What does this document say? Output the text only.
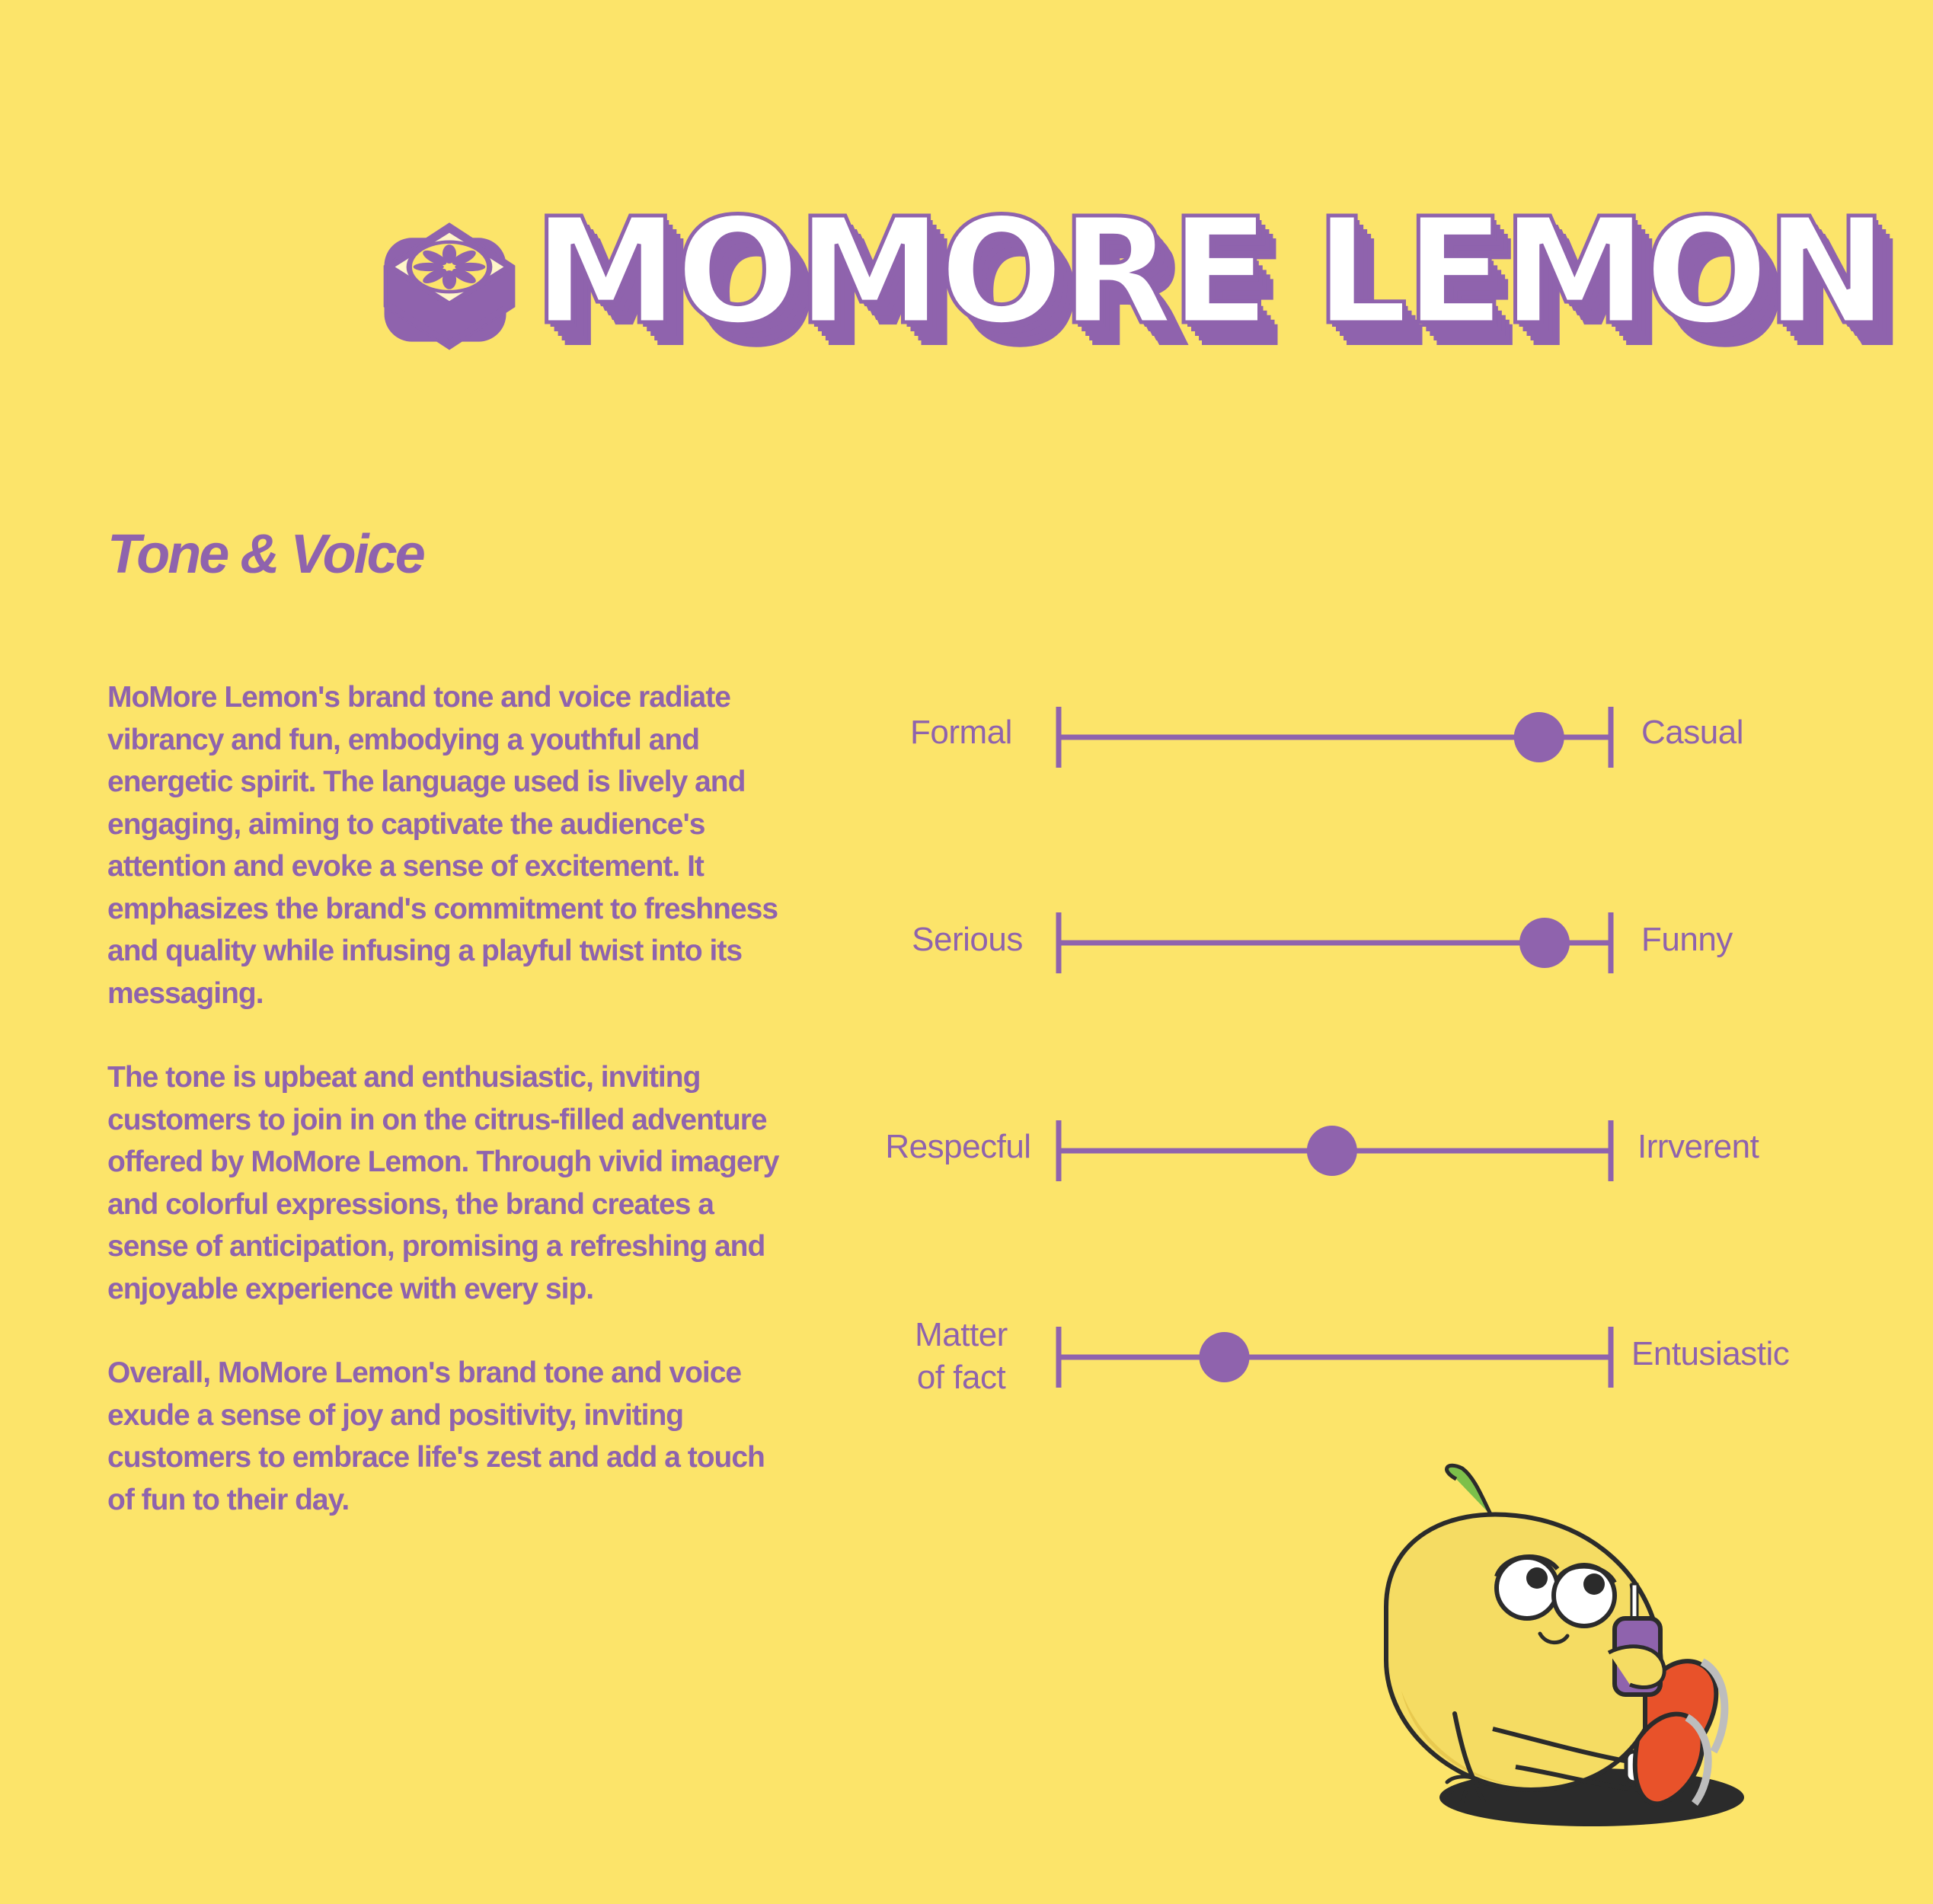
MOMORE LEMON
Tone & Voice

MoMore Lemon's brand tone and voice radiate vibrancy and fun, embodying a youthful and energetic spirit. The language used is lively and engaging, aiming to captivate the audience's attention and evoke a sense of excitement. It emphasizes the brand's commitment to freshness and quality while infusing a playful twist into its messaging.

The tone is upbeat and enthusiastic, inviting customers to join in on the citrus-filled adventure offered by MoMore Lemon. Through vivid imagery and colorful expressions, the brand creates a sense of anticipation, promising a refreshing and enjoyable experience with every sip.

Overall, MoMore Lemon's brand tone and voice exude a sense of joy and positivity, inviting customers to embrace life's zest and add a touch of fun to their day.

Formal	Casual
Serious	Funny
Respecful	Irrverent
Matter
of fact
Entusiastic
